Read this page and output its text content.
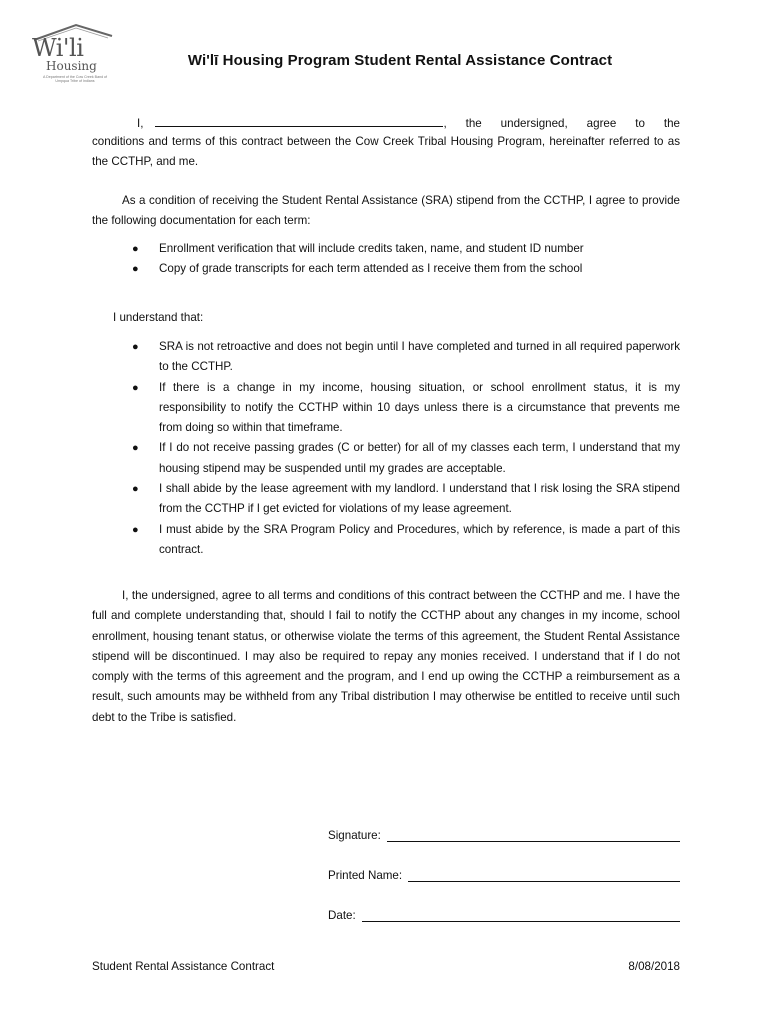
Wi'li
Housing
A Department of the Cow Creek Band of Umpqua Tribe of Indians
Wi'lī Housing Program Student Rental Assistance Contract
I,	, the undersigned, agree to the
conditions and terms of this contract between the Cow Creek Tribal Housing Program, hereinafter referred to as the CCTHP, and me.
As a condition of receiving the Student Rental Assistance (SRA) stipend from the CCTHP, I agree to provide the following documentation for each term:
● Enrollment verification that will include credits taken, name, and student ID number
● Copy of grade transcripts for each term attended as I receive them from the school
I understand that:
● SRA is not retroactive and does not begin until I have completed and turned in all required paperwork to the CCTHP.
● If there is a change in my income, housing situation, or school enrollment status, it is my responsibility to notify the CCTHP within 10 days unless there is a circumstance that prevents me from doing so within that timeframe.
● If I do not receive passing grades (C or better) for all of my classes each term, I understand that my housing stipend may be suspended until my grades are acceptable.
● I shall abide by the lease agreement with my landlord. I understand that I risk losing the SRA stipend from the CCTHP if I get evicted for violations of my lease agreement.
● I must abide by the SRA Program Policy and Procedures, which by reference, is made a part of this contract.
I, the undersigned, agree to all terms and conditions of this contract between the CCTHP and me. I have the full and complete understanding that, should I fail to notify the CCTHP about any changes in my income, school enrollment, housing tenant status, or otherwise violate the terms of this agreement, the Student Rental Assistance stipend will be discontinued. I may also be required to repay any monies received. I understand that if I do not comply with the terms of this agreement and the program, and I end up owing the CCTHP a reimbursement as a result, such amounts may be withheld from any Tribal distribution I may otherwise be entitled to receive until such debt to the Tribe is satisfied.
Signature:
Printed Name:
Date:
Student Rental Assistance Contract	8/08/2018
